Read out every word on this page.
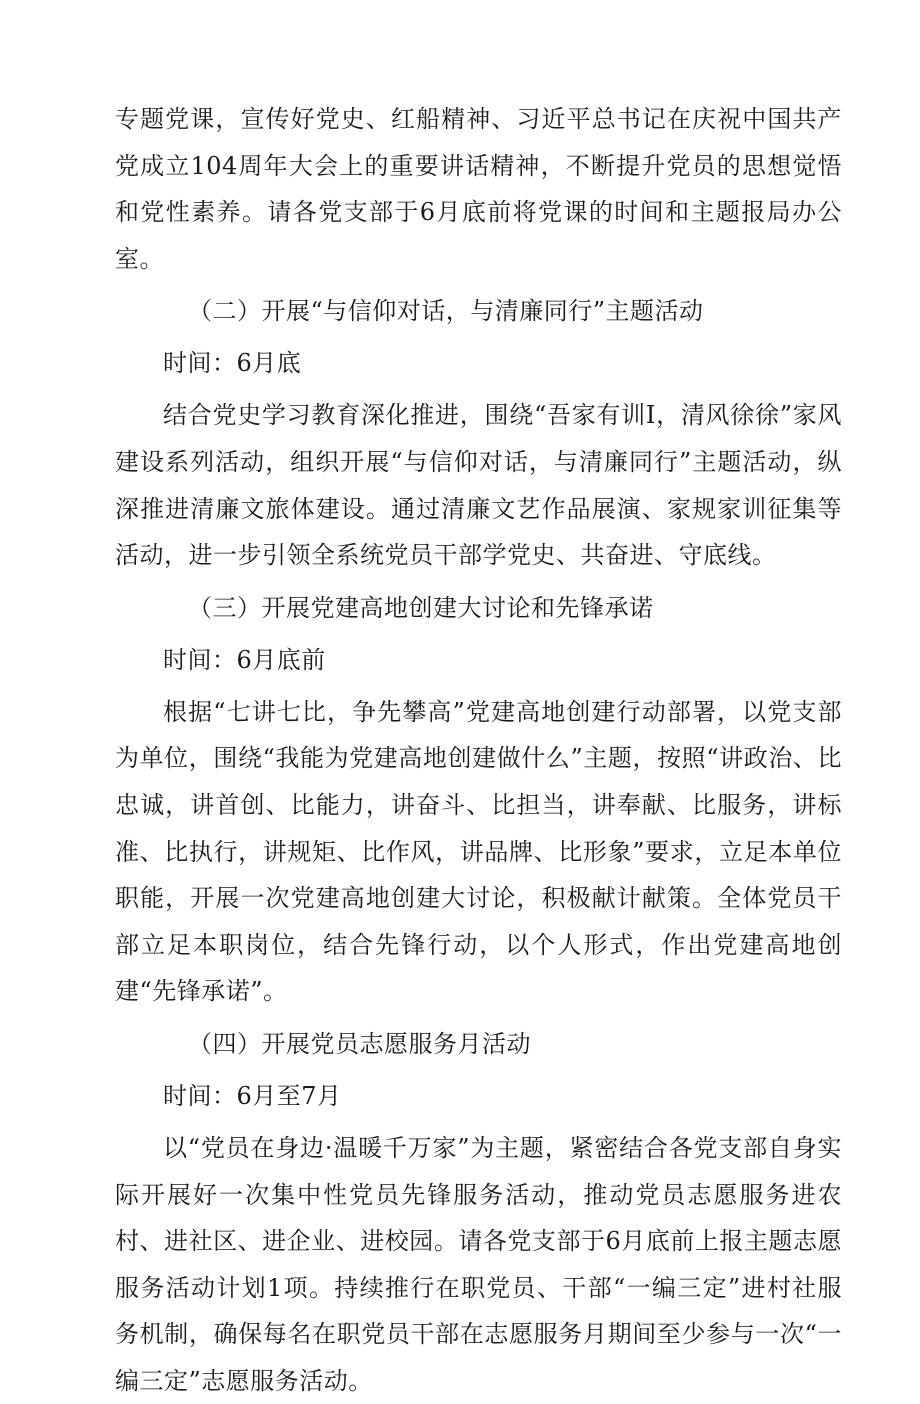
专题党课，宣传好党史、红船精神、习近平总书记在庆祝中国共产党成立104周年大会上的重要讲话精神，不断提升党员的思想觉悟和党性素养。请各党支部于6月底前将党课的时间和主题报局办公室。

（二）开展“与信仰对话，与清廉同行”主题活动

时间：6月底

结合党史学习教育深化推进，围绕“吾家有训I，清风徐徐”家风建设系列活动，组织开展“与信仰对话，与清廉同行”主题活动，纵深推进清廉文旅体建设。通过清廉文艺作品展演、家规家训征集等活动，进一步引领全系统党员干部学党史、共奋进、守底线。

（三）开展党建高地创建大讨论和先锋承诺

时间：6月底前

根据“七讲七比，争先攀高”党建高地创建行动部署，以党支部为单位，围绕“我能为党建高地创建做什么”主题，按照“讲政治、比忠诚，讲首创、比能力，讲奋斗、比担当，讲奉献、比服务，讲标准、比执行，讲规矩、比作风，讲品牌、比形象”要求，立足本单位职能，开展一次党建高地创建大讨论，积极献计献策。全体党员干部立足本职岗位，结合先锋行动，以个人形式，作出党建高地创建“先锋承诺”。

（四）开展党员志愿服务月活动

时间：6月至7月

以“党员在身边·温暖千万家”为主题，紧密结合各党支部自身实际开展好一次集中性党员先锋服务活动，推动党员志愿服务进农村、进社区、进企业、进校园。请各党支部于6月底前上报主题志愿服务活动计划1项。持续推行在职党员、干部“一编三定”进村社服务机制，确保每名在职党员干部在志愿服务月期间至少参与一次“一编三定”志愿服务活动。
